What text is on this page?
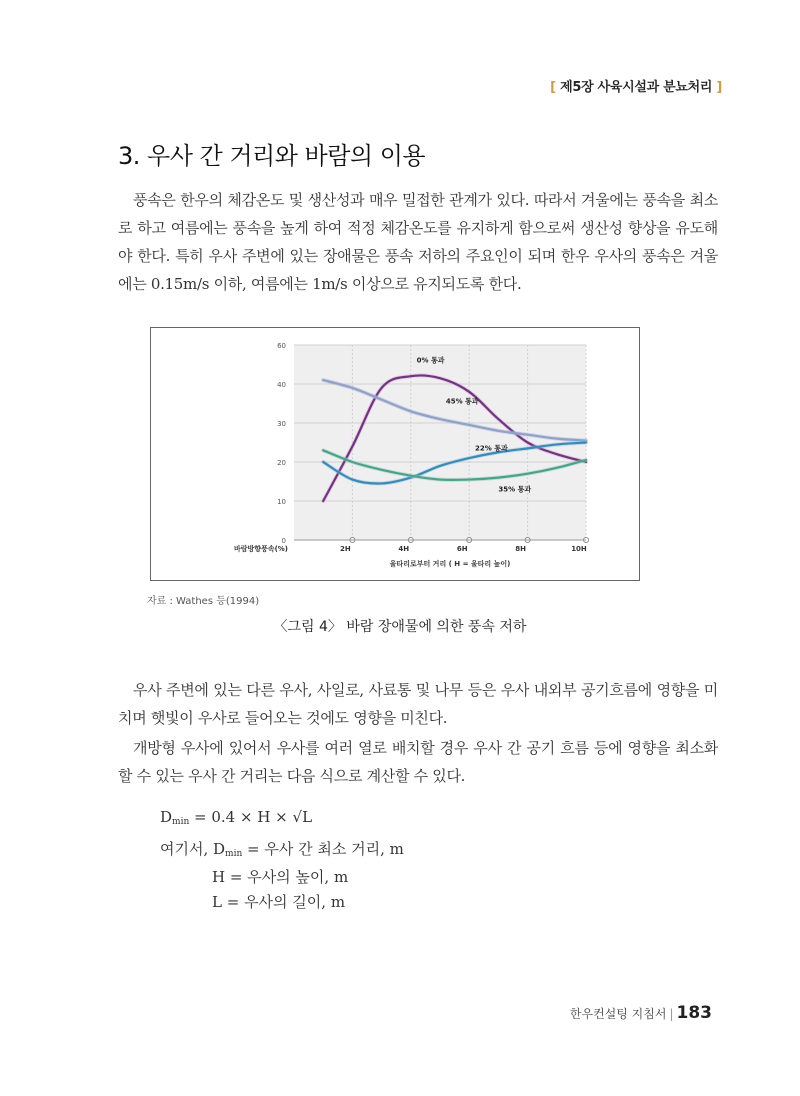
[ 제5장 사육시설과 분뇨처리 ]
3. 우사 간 거리와 바람의 이용

풍속은 한우의 체감온도 및 생산성과 매우 밀접한 관계가 있다. 따라서 겨울에는 풍속을 최소로 하고 여름에는 풍속을 높게 하여 적정 체감온도를 유지하게 함으로써 생산성 향상을 유도해야 한다. 특히 우사 주변에 있는 장애물은 풍속 저하의 주요인이 되며 한우 우사의 풍속은 겨울에는 0.15m/s 이하, 여름에는 1m/s 이상으로 유지되도록 한다.

0
10
20
30
40
60
2H	4H	6H	8H	10H
바람방향풍속(%)
울타리로부터 거리 ( H = 울타리 높이)
0% 통과
45% 통과
22% 통과
35% 통과
자료 : Wathes 등(1994)
〈그림 4〉 바람 장애물에 의한 풍속 저하

우사 주변에 있는 다른 우사, 사일로, 사료통 및 나무 등은 우사 내외부 공기흐름에 영향을 미치며 햇빛이 우사로 들어오는 것에도 영향을 미친다.

개방형 우사에 있어서 우사를 여러 열로 배치할 경우 우사 간 공기 흐름 등에 영향을 최소화할 수 있는 우사 간 거리는 다음 식으로 계산할 수 있다.

$D_{min} = 0.4 \times H \times √L$
여기서, $D_{min}$ = 우사 간 최소 거리, m
H = 우사의 높이, m
L = 우사의 길이, m
한우컨설팅 지침서 | 183
